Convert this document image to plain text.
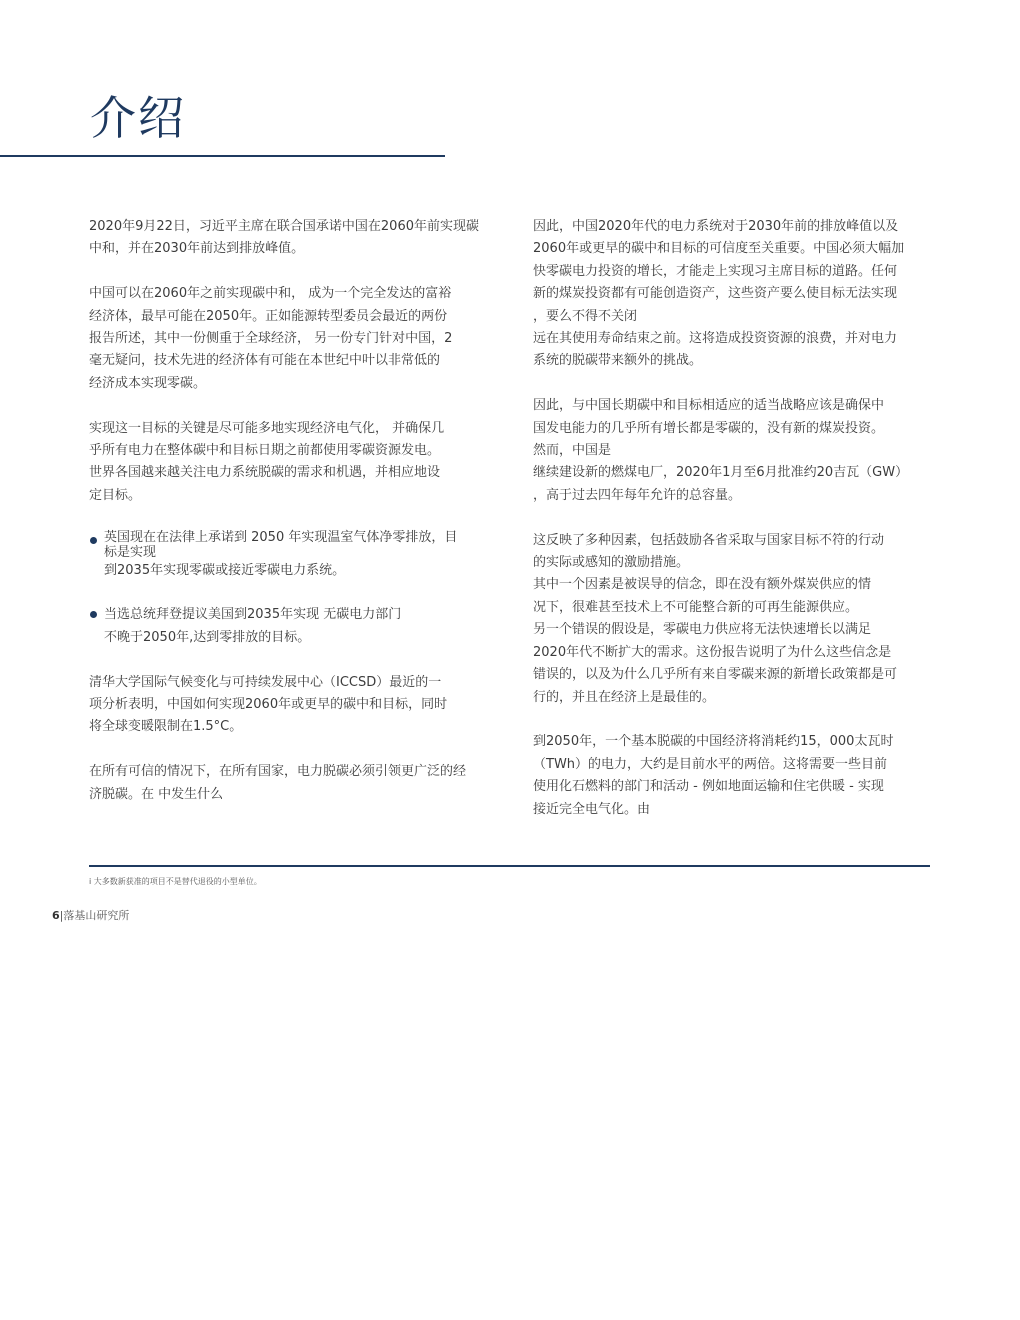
介绍

2020年9月22日，习近平主席在联合国承诺中国在2060年前实现碳
中和，并在2030年前达到排放峰值。

中国可以在2060年之前实现碳中和， 成为一个完全发达的富裕
经济体，最早可能在2050年。正如能源转型委员会最近的两份
报告所述，其中一份侧重于全球经济， 另一份专门针对中国，2
毫无疑问，技术先进的经济体有可能在本世纪中叶以非常低的
经济成本实现零碳。

实现这一目标的关键是尽可能多地实现经济电气化， 并确保几
乎所有电力在整体碳中和目标日期之前都使用零碳资源发电。
世界各国越来越关注电力系统脱碳的需求和机遇，并相应地设
定目标。

英国现在在法律上承诺到 2050 年实现温室气体净零排放，目
标是实现
到2035年实现零碳或接近零碳电力系统。
当选总统拜登提议美国到2035年实现 无碳电力部门
不晚于2050年,达到零排放的目标。

清华大学国际气候变化与可持续发展中心（ICCSD）最近的一
项分析表明，中国如何实现2060年或更早的碳中和目标，同时
将全球变暖限制在1.5°C。

在所有可信的情况下，在所有国家，电力脱碳必须引领更广泛的经
济脱碳。在 中发生什么

因此，中国2020年代的电力系统对于2030年前的排放峰值以及
2060年或更早的碳中和目标的可信度至关重要。中国必须大幅加
快零碳电力投资的增长，才能走上实现习主席目标的道路。任何
新的煤炭投资都有可能创造资产，这些资产要么使目标无法实现
，要么不得不关闭
远在其使用寿命结束之前。这将造成投资资源的浪费，并对电力
系统的脱碳带来额外的挑战。

因此，与中国长期碳中和目标相适应的适当战略应该是确保中
国发电能力的几乎所有增长都是零碳的，没有新的煤炭投资。
然而，中国是
继续建设新的燃煤电厂，2020年1月至6月批准约20吉瓦（GW）
，高于过去四年每年允许的总容量。

这反映了多种因素，包括鼓励各省采取与国家目标不符的行动
的实际或感知的激励措施。
其中一个因素是被误导的信念，即在没有额外煤炭供应的情
况下，很难甚至技术上不可能整合新的可再生能源供应。
另一个错误的假设是，零碳电力供应将无法快速增长以满足
2020年代不断扩大的需求。这份报告说明了为什么这些信念是
错误的，以及为什么几乎所有来自零碳来源的新增长政策都是可
行的，并且在经济上是最佳的。

到2050年，一个基本脱碳的中国经济将消耗约15，000太瓦时
（TWh）的电力，大约是目前水平的两倍。这将需要一些目前
使用化石燃料的部门和活动 - 例如地面运输和住宅供暖 - 实现
接近完全电气化。由

i 大多数新获准的项目不是替代退役的小型单位。
6|落基山研究所
